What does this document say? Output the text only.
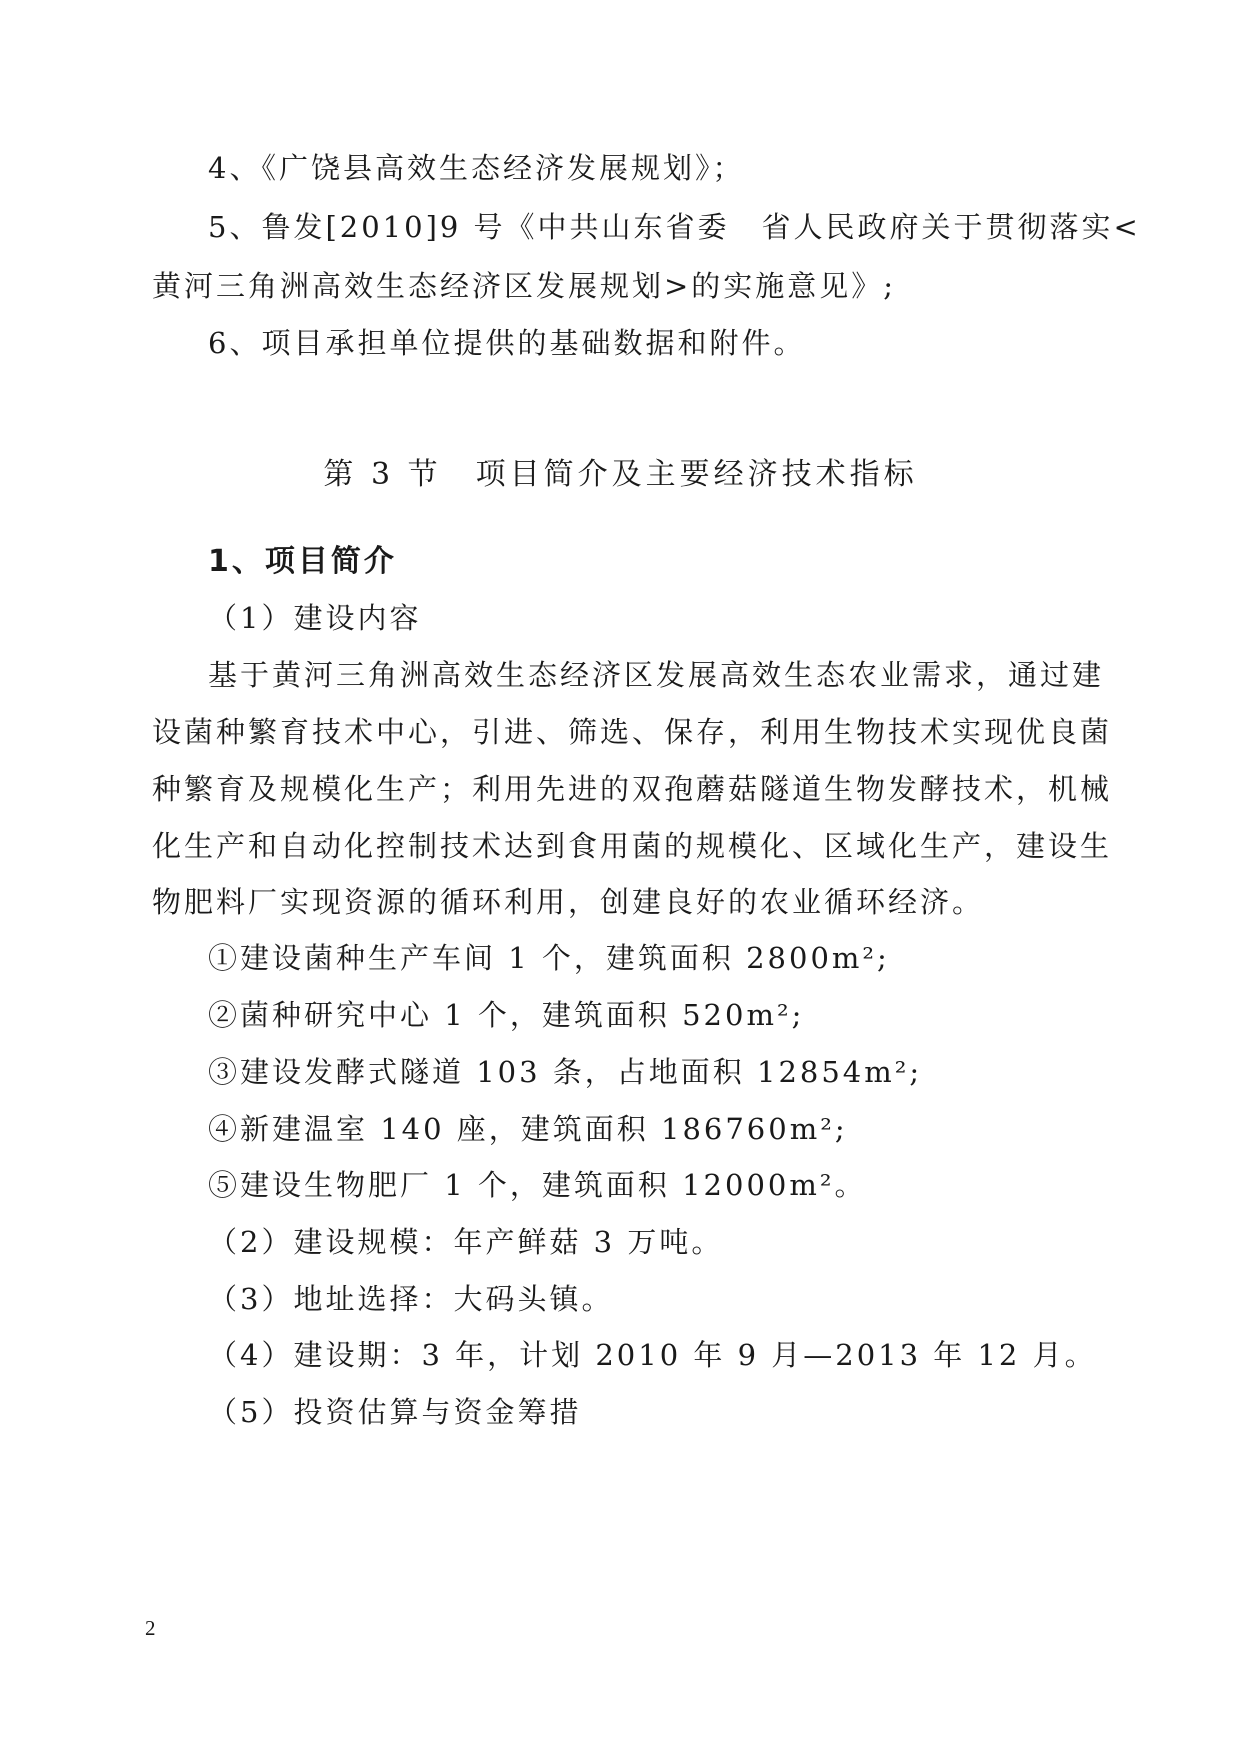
4、《广饶县高效生态经济发展规划》；
5、鲁发[2010]9 号《中共山东省委　省人民政府关于贯彻落实<
黄河三角洲高效生态经济区发展规划>的实施意见》;
6、项目承担单位提供的基础数据和附件。
第 3 节　项目简介及主要经济技术指标
1、项目简介
（1）建设内容
基于黄河三角洲高效生态经济区发展高效生态农业需求，通过建
设菌种繁育技术中心，引进、筛选、保存，利用生物技术实现优良菌
种繁育及规模化生产；利用先进的双孢蘑菇隧道生物发酵技术，机械
化生产和自动化控制技术达到食用菌的规模化、区域化生产，建设生
物肥料厂实现资源的循环利用，创建良好的农业循环经济。
①建设菌种生产车间 1 个，建筑面积 2800m²;
②菌种研究中心 1 个，建筑面积 520m²;
③建设发酵式隧道 103 条，占地面积 12854m²;
④新建温室 140 座，建筑面积 186760m²;
⑤建设生物肥厂 1 个，建筑面积 12000m²。
（2）建设规模：年产鲜菇 3 万吨。
（3）地址选择：大码头镇。
（4）建设期：3 年，计划 2010 年 9 月—2013 年 12 月。
（5）投资估算与资金筹措
2
